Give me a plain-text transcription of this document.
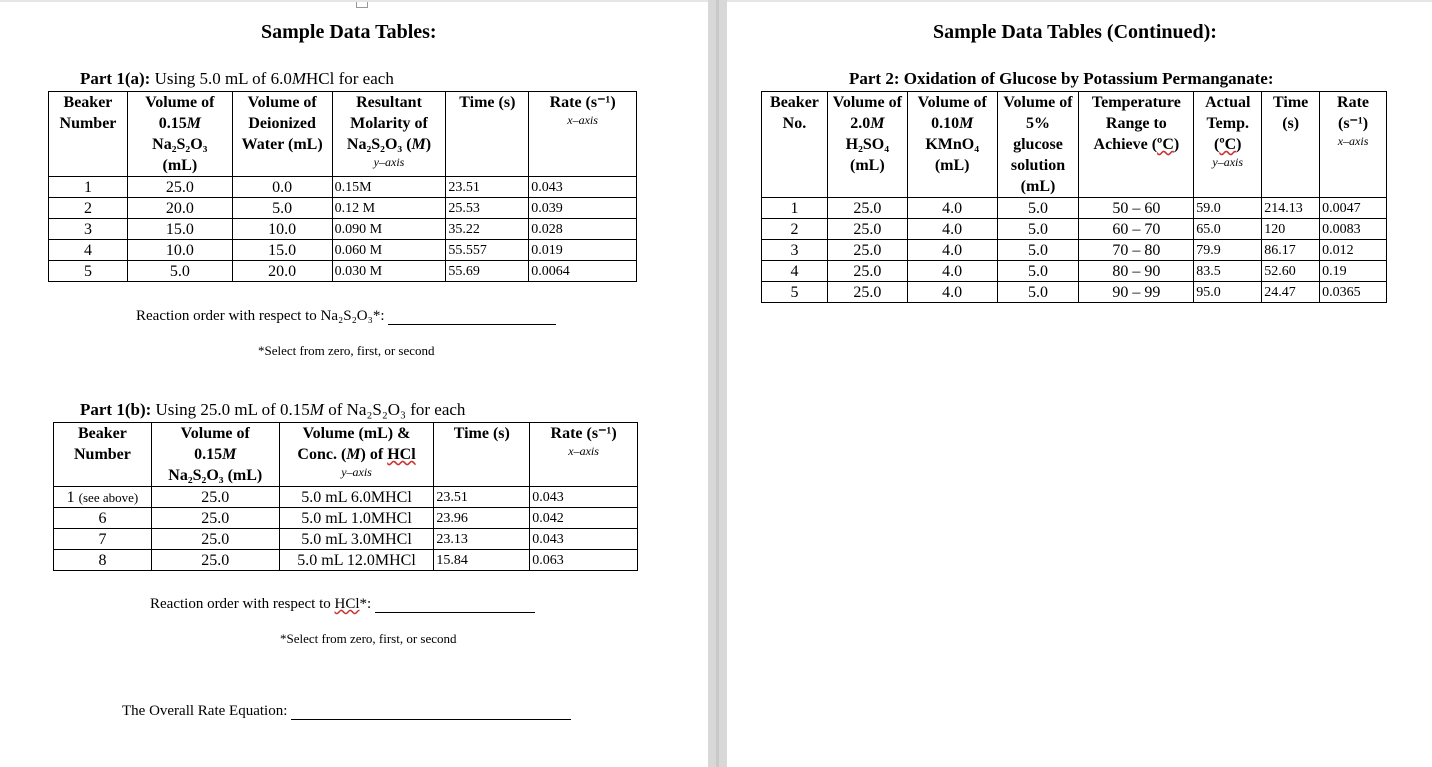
Sample Data Tables:

Part 1(a): Using 5.0 mL of 6.0MHCl for each

Beaker Number	Volume of
0.15M
Na₂S₂O₃
(mL)	Volume of Deionized Water (mL)	Resultant Molarity of
Na₂S₂O₃ (M)
y–axis	Time (s)	Rate (s⁻¹)
x–axis

1	25.0	0.0	0.15M	23.51	0.043
2	20.0	5.0	0.12 M	25.53	0.039
3	15.0	10.0	0.090 M	35.22	0.028
4	10.0	15.0	0.060 M	55.557	0.019
5	5.0	20.0	0.030 M	55.69	0.0064
Reaction order with respect to Na₂S₂O₃*:
*Select from zero, first, or second

Part 1(b): Using 25.0 mL of 0.15M of Na₂S₂O₃ for each

Beaker Number	Volume of
0.15M
Na₂S₂O₃ (mL)	Volume (mL) &
Conc. (M) of HCl
y–axis	Time (s)	Rate (s⁻¹)
x–axis

1 (see above)	25.0	5.0 mL 6.0MHCl	23.51	0.043
6	25.0	5.0 mL 1.0MHCl	23.96	0.042
7	25.0	5.0 mL 3.0MHCl	23.13	0.043
8	25.0	5.0 mL 12.0MHCl	15.84	0.063
Reaction order with respect to HCl*:
*Select from zero, first, or second
The Overall Rate Equation:
Sample Data Tables (Continued):

Part 2: Oxidation of Glucose by Potassium Permanganate:

Beaker No.	Volume of 2.0M
H₂SO₄ (mL)	Volume of 0.10M
KMnO₄ (mL)	Volume of 5% glucose solution (mL)	Temperature Range to Achieve (ºC)	Actual Temp.
(ºC)
y–axis	Time (s)	Rate (s⁻¹)
x–axis

1	25.0	4.0	5.0	50 – 60	59.0	214.13	0.0047
2	25.0	4.0	5.0	60 – 70	65.0	120	0.0083
3	25.0	4.0	5.0	70 – 80	79.9	86.17	0.012
4	25.0	4.0	5.0	80 – 90	83.5	52.60	0.19
5	25.0	4.0	5.0	90 – 99	95.0	24.47	0.0365
